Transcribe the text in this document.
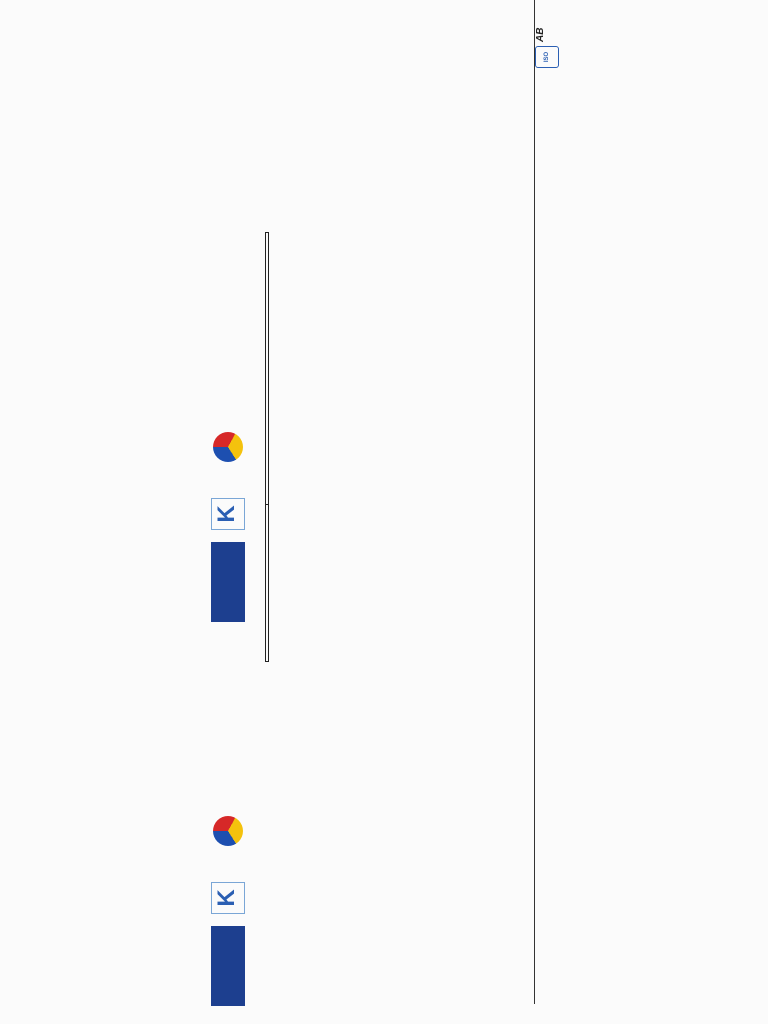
K

ISO
AB
K
